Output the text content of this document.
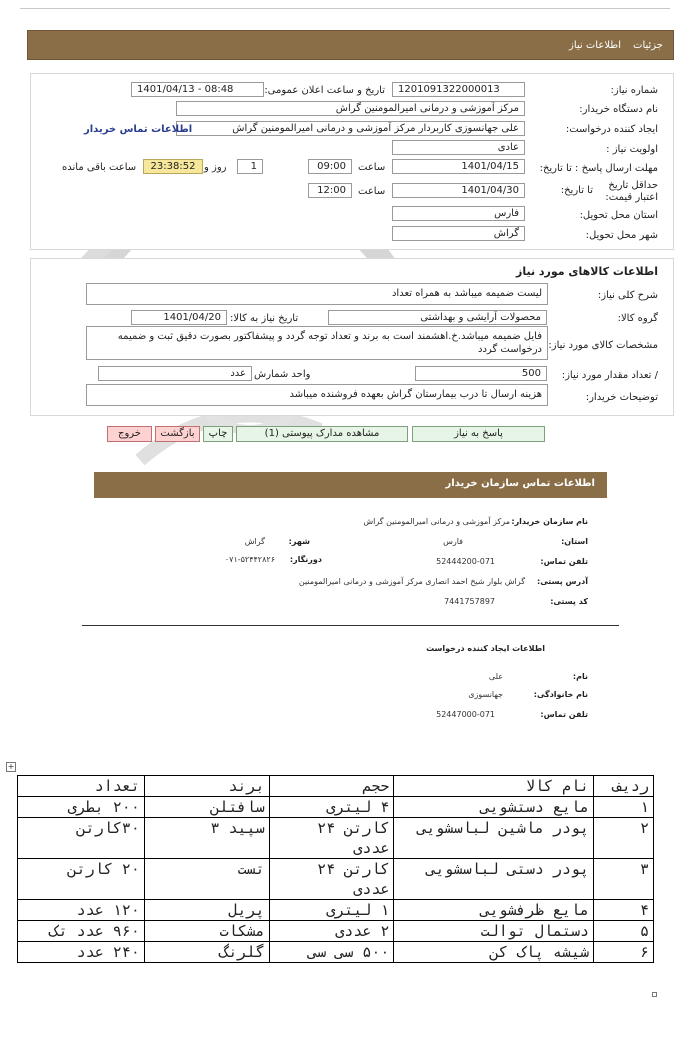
جزئیات
اطلاعات نیاز
شماره نیاز:
1201091322000013
تاریخ و ساعت اعلان عمومی:
1401/04/13 - 08:48
نام دستگاه خریدار:
مرکز آموزشی و درمانی امیرالمومنین گراش
ایجاد کننده درخواست:
علی جهانسوزی کاربردار مرکز آموزشی و درمانی امیرالمومنین گراش
اطلاعات تماس خریدار
اولویت نیاز :
عادی
مهلت ارسال پاسخ : تا تاریخ:
1401/04/15
ساعت
09:00
1
روز و
23:38:52
ساعت باقی مانده
حداقل تاریخ اعتبار قیمت:
تا تاریخ:
1401/04/30
ساعت
12:00
استان محل تحویل:
فارس
شهر محل تحویل:
گراش
اطلاعات کالاهای مورد نیاز
شرح کلی نیاز:
لیست ضمیمه میباشد به همراه تعداد
گروه کالا:
محصولات آرایشی و بهداشتی
تاریخ نیاز به کالا:
1401/04/20
مشخصات کالای مورد نیاز:
فایل ضمیمه میباشد.خ.اهشمند است به برند و تعداد توجه گردد و پیشفاکتور بصورت دقیق ثبت و ضمیمه درخواست گردد
/ تعداد مقدار مورد نیاز:
500
واحد شمارش
عدد
توضیحات خریدار:
هزینه ارسال تا درب بیمارستان گراش بعهده فروشنده میباشد
پاسخ به نیاز
مشاهده مدارک پیوستی (1)
چاپ
بازگشت
خروج
اطلاعات تماس سازمان خریدار
نام سازمان خریدار:
مرکز آموزشی و درمانی امیرالمومنین گراش
استان:
فارس
شهر:
گراش
تلفن تماس:
52444200-071
دورنگار:
۰۷۱-۵۲۴۴۲۸۲۶
آدرس پستی:
گراش بلوار شیخ احمد انصاری مرکز آموزشی و درمانی امیرالمومنین
کد پستی:
7441757897
اطلاعات ایجاد کننده درخواست
نام:
علی
نام خانوادگی:
جهانسوزی
تلفن تماس:
52447000-071
+
ردیف	نام کالا	حجم	برند	تعداد
۱	مایع دستشویی	۴ لیتری	سافتلن	۲۰۰ بطری
۲	پودر ماشین لباسشویی	کارتن ۲۴ عددی	سپید ۳	۳۰کارتن
۳	پودر دستی لباسشویی	کارتن ۲۴ عددی	تست	۲۰ کارتن
۴	مایع ظرفشویی	۱ لیتری	پریل	۱۲۰ عدد
۵	دستمال توالت	۲ عددی	مشکات	۹۶۰ عدد تک
۶	شیشه پاک کن	۵۰۰ سی سی	گلرنگ	۲۴۰ عدد
